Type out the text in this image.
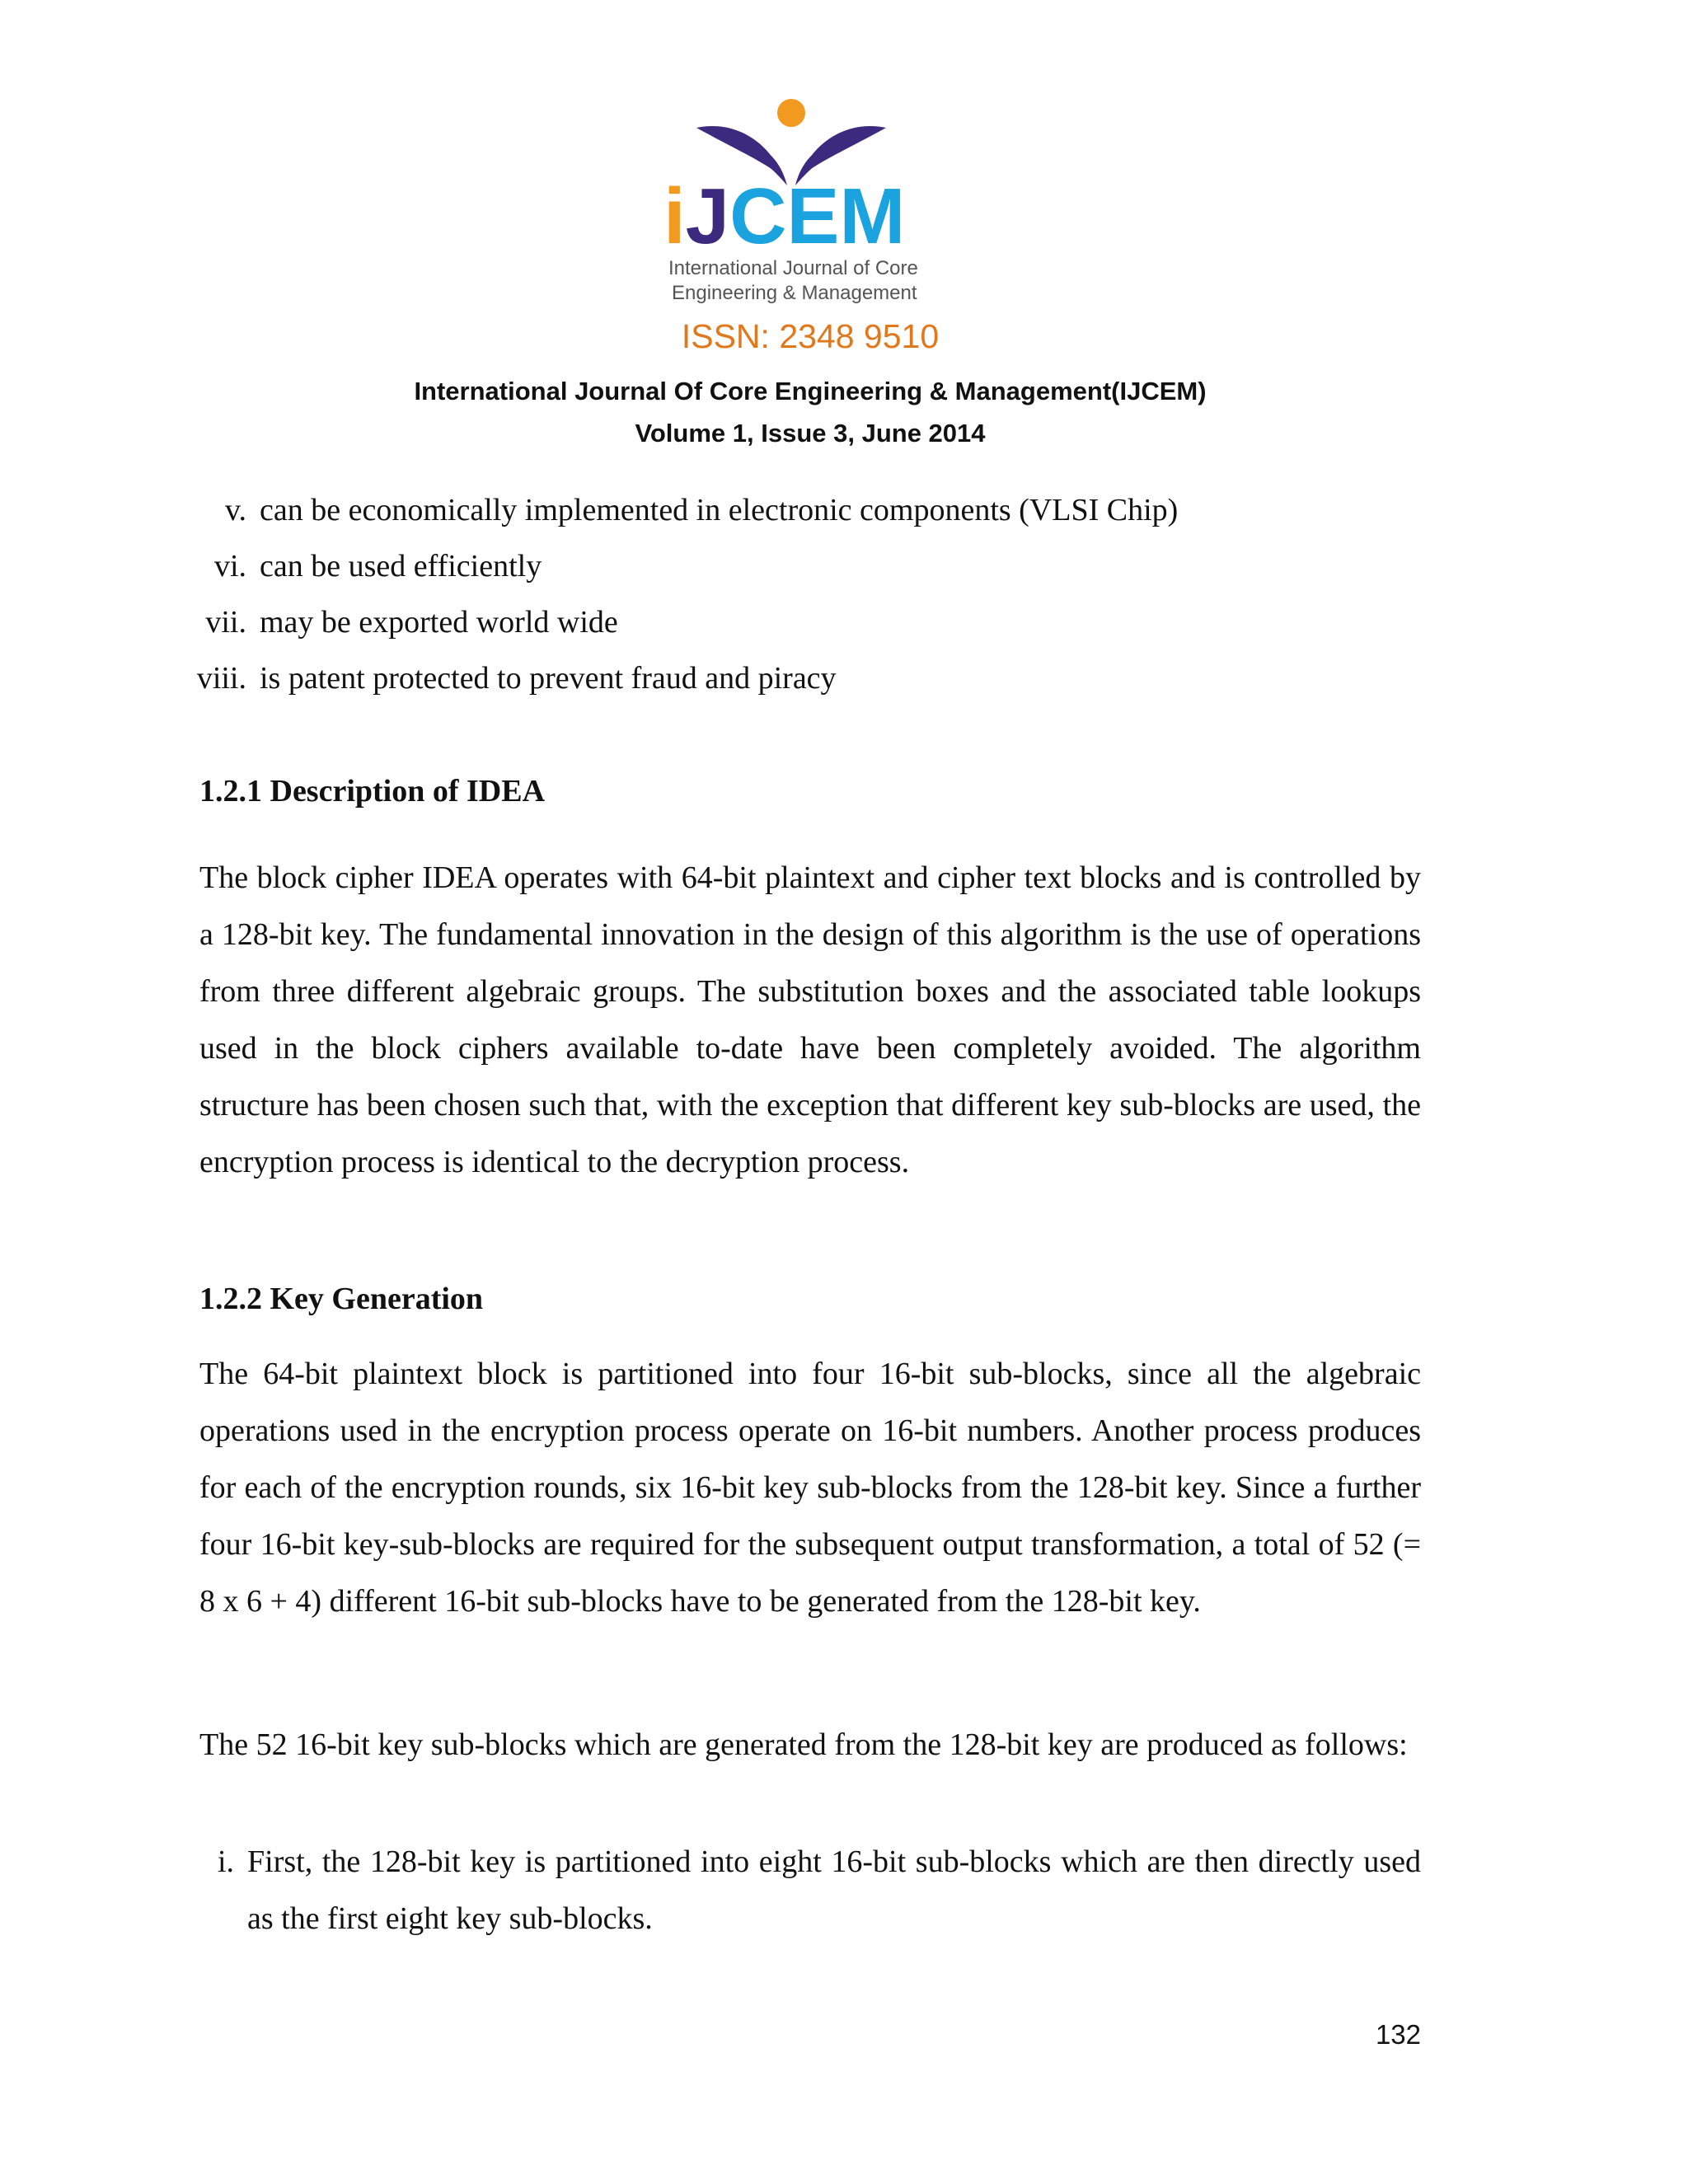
iJCEM
International Journal of Core
Engineering & Management
ISSN: 2348 9510
International Journal Of Core Engineering & Management(IJCEM)
Volume 1, Issue 3, June 2014
v. can be economically implemented in electronic components (VLSI Chip)
vi. can be used efficiently
vii. may be exported world wide
viii. is patent protected to prevent fraud and piracy
1.2.1 Description of IDEA

The block cipher IDEA operates with 64-bit plaintext and cipher text blocks and is controlled by a 128-bit key. The fundamental innovation in the design of this algorithm is the use of operations from three different algebraic groups. The substitution boxes and the associated table lookups used in the block ciphers available to-date have been completely avoided. The algorithm structure has been chosen such that, with the exception that different key sub-blocks are used, the encryption process is identical to the decryption process.

1.2.2 Key Generation

The 64-bit plaintext block is partitioned into four 16-bit sub-blocks, since all the algebraic operations used in the encryption process operate on 16-bit numbers. Another process produces for each of the encryption rounds, six 16-bit key sub-blocks from the 128-bit key. Since a further four 16-bit key-sub-blocks are required for the subsequent output transformation, a total of 52 (= 8 x 6 + 4) different 16-bit sub-blocks have to be generated from the 128-bit key.

The 52 16-bit key sub-blocks which are generated from the 128-bit key are produced as follows:

i. First, the 128-bit key is partitioned into eight 16-bit sub-blocks which are then directly used as the first eight key sub-blocks.
132
